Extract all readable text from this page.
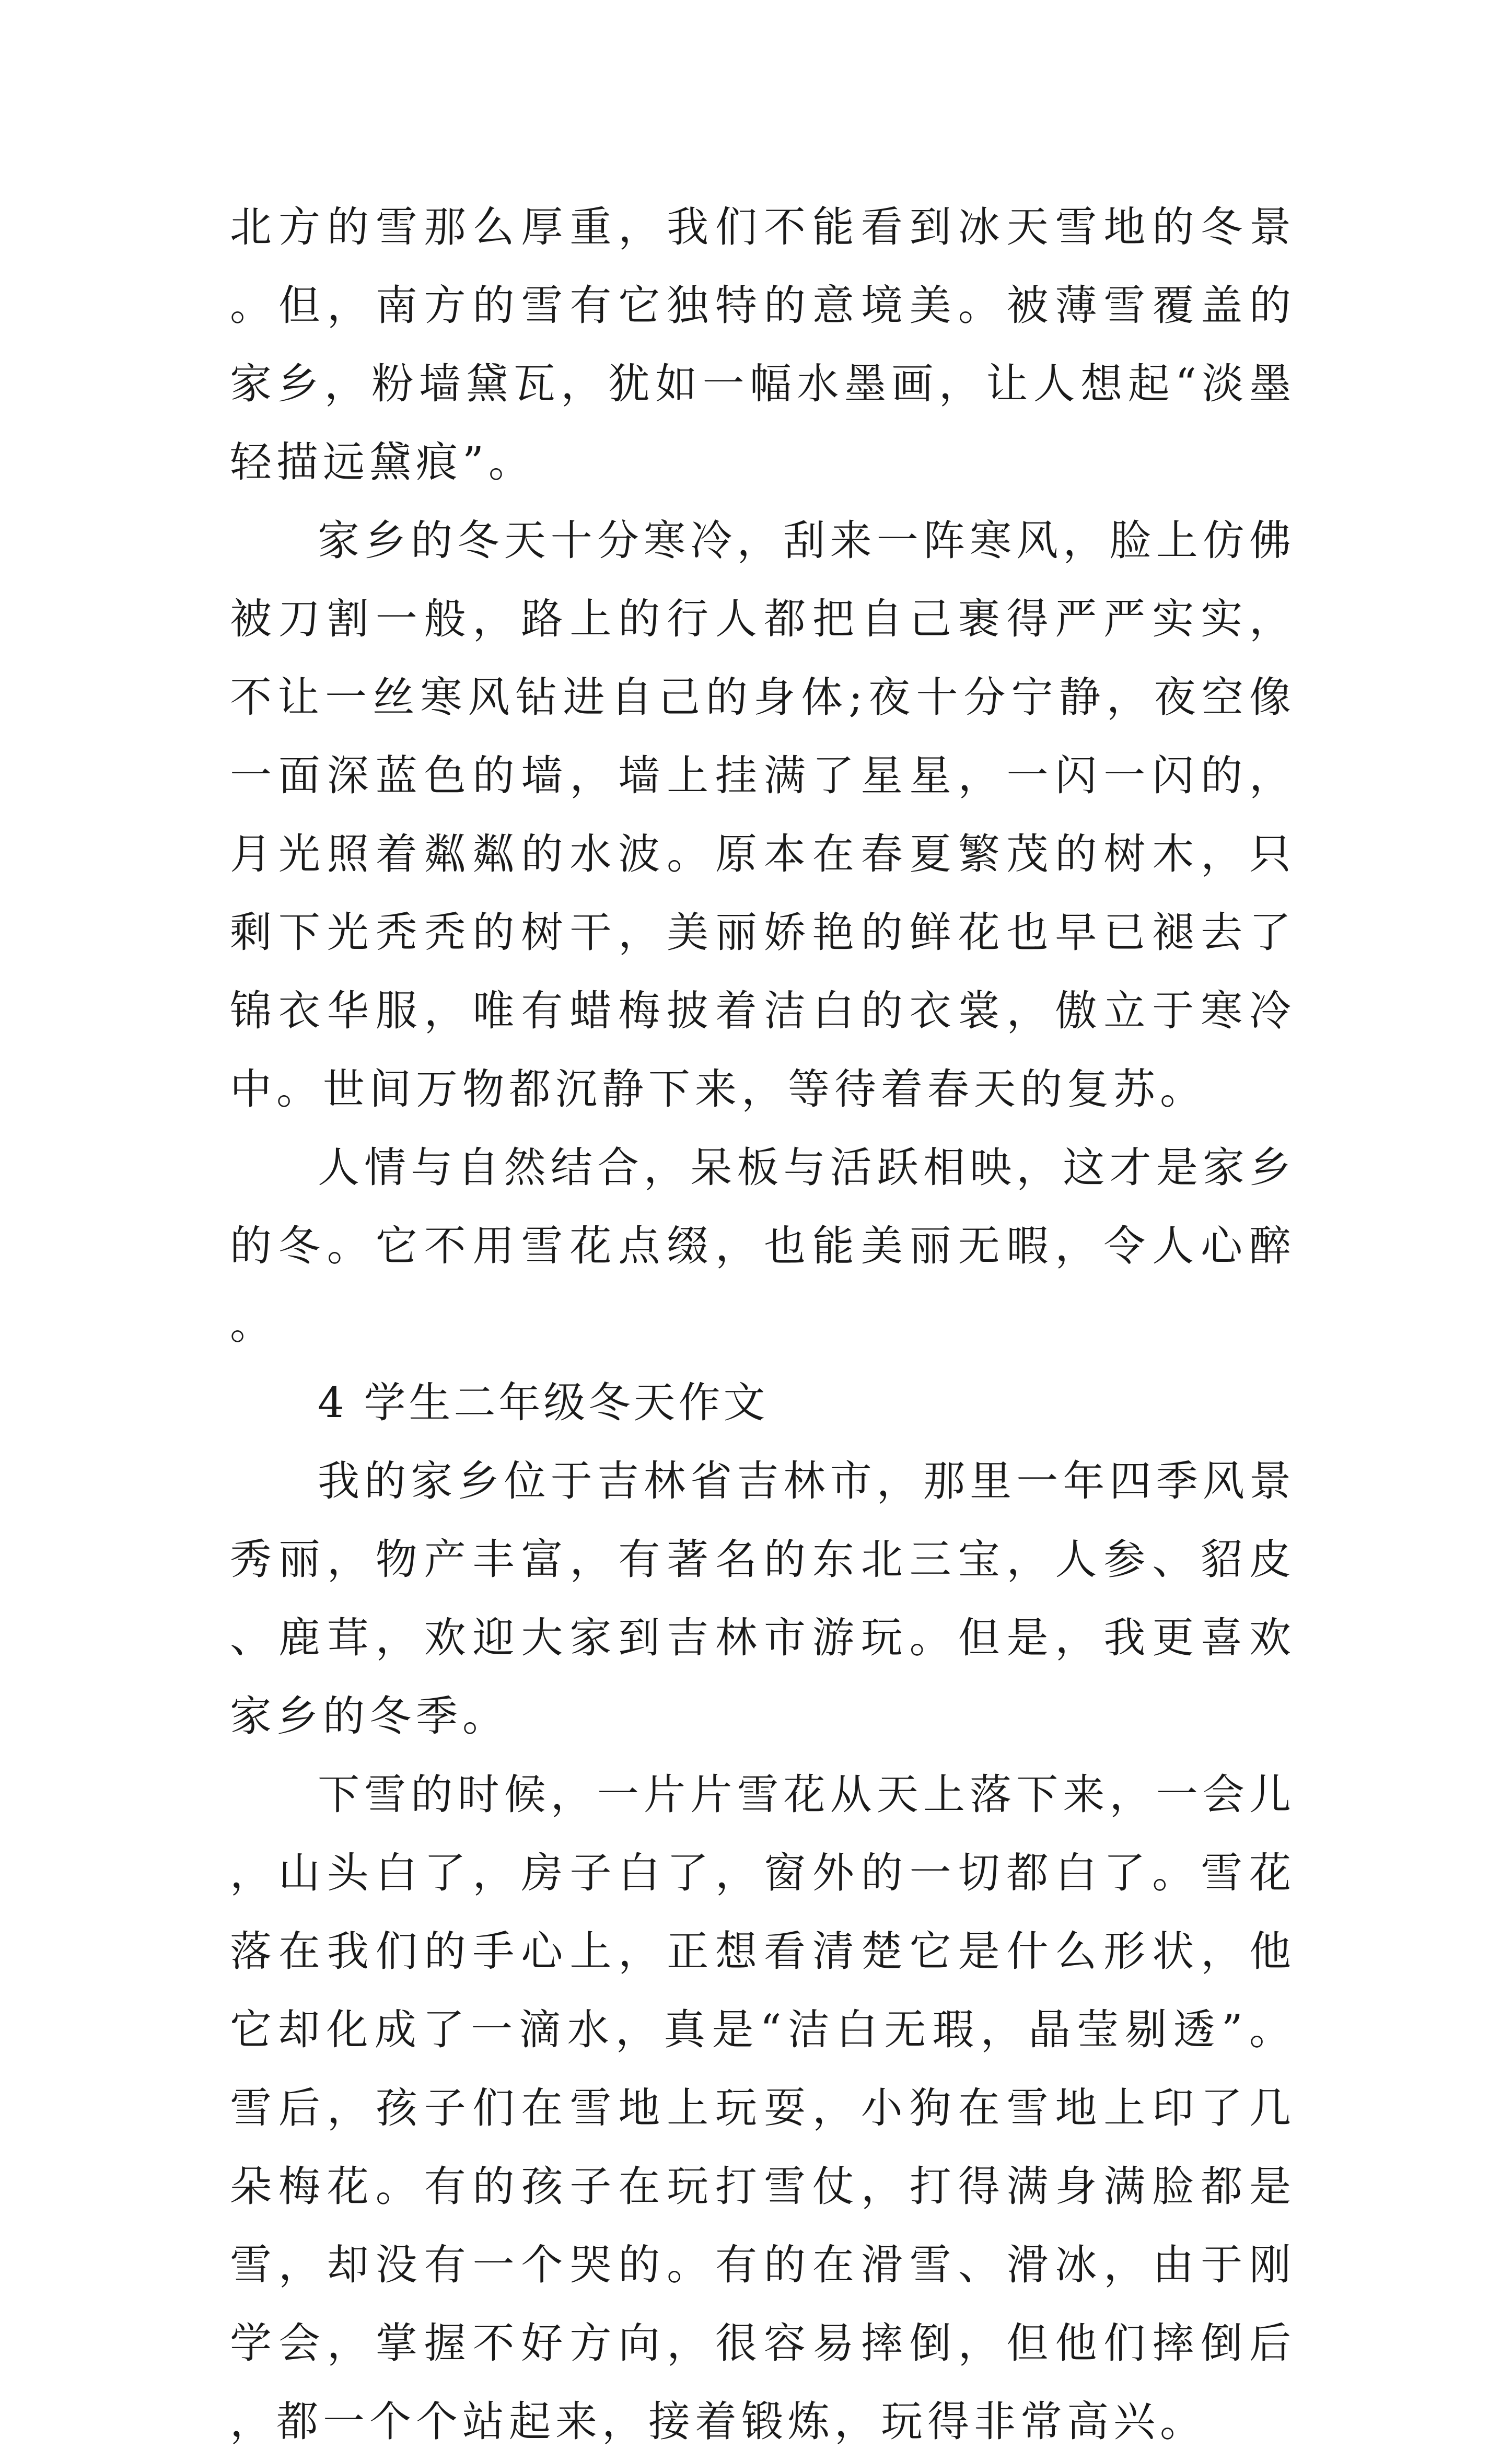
北方的雪那么厚重，我们不能看到冰天雪地的冬景。但，南方的雪有它独特的意境美。被薄雪覆盖的家乡，粉墙黛瓦，犹如一幅水墨画，让人想起“淡墨轻描远黛痕”。

家乡的冬天十分寒冷，刮来一阵寒风，脸上仿佛被刀割一般，路上的行人都把自己裹得严严实实，不让一丝寒风钻进自己的身体;夜十分宁静，夜空像一面深蓝色的墙，墙上挂满了星星，一闪一闪的，月光照着粼粼的水波。原本在春夏繁茂的树木，只剩下光秃秃的树干，美丽娇艳的鲜花也早已褪去了锦衣华服，唯有蜡梅披着洁白的衣裳，傲立于寒冷中。世间万物都沉静下来，等待着春天的复苏。

人情与自然结合，呆板与活跃相映，这才是家乡的冬。它不用雪花点缀，也能美丽无暇，令人心醉。

4 学生二年级冬天作文

我的家乡位于吉林省吉林市，那里一年四季风景秀丽，物产丰富，有著名的东北三宝，人参、貂皮、鹿茸，欢迎大家到吉林市游玩。但是，我更喜欢家乡的冬季。

下雪的时候，一片片雪花从天上落下来，一会儿，山头白了，房子白了，窗外的一切都白了。雪花落在我们的手心上，正想看清楚它是什么形状，他它却化成了一滴水，真是“洁白无瑕，晶莹剔透”。雪后，孩子们在雪地上玩耍，小狗在雪地上印了几朵梅花。有的孩子在玩打雪仗，打得满身满脸都是雪，却没有一个哭的。有的在滑雪、滑冰，由于刚学会，掌握不好方向，很容易摔倒，但他们摔倒后，都一个个站起来，接着锻炼，玩得非常高兴。
